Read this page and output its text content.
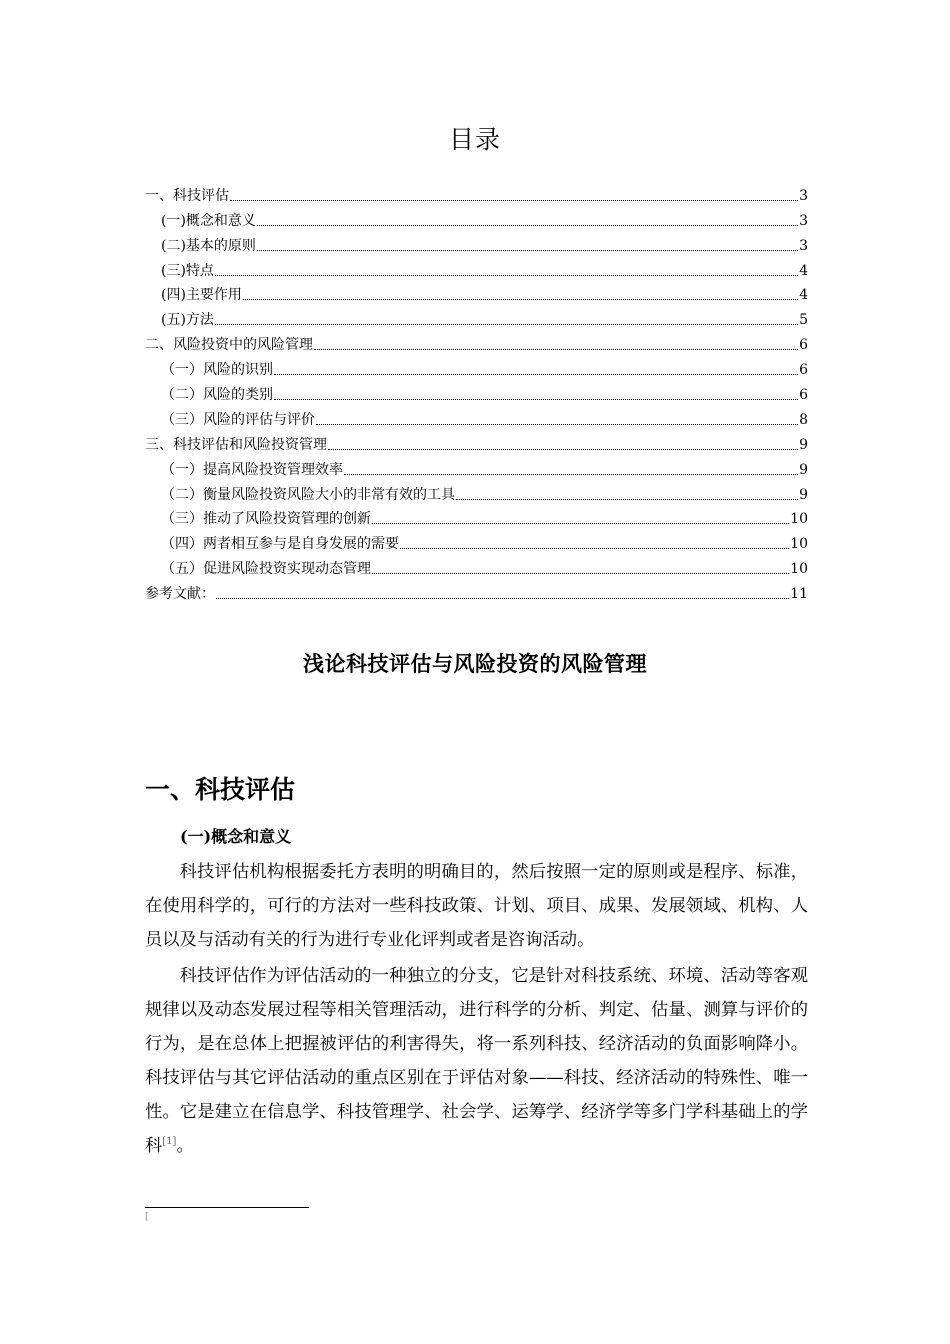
目录
一、科技评估	3
(一)概念和意义	3
(二)基本的原则	3
(三)特点	4
(四)主要作用	4
(五)方法	5
二、风险投资中的风险管理	6
（一）风险的识别	6
（二）风险的类别	6
（三）风险的评估与评价	8
三、科技评估和风险投资管理	9
（一）提高风险投资管理效率	9
（二）衡量风险投资风险大小的非常有效的工具	9
（三）推动了风险投资管理的创新	10
（四）两者相互参与是自身发展的需要	10
（五）促进风险投资实现动态管理	10
参考文献：	11
浅论科技评估与风险投资的风险管理
一、科技评估
(一)概念和意义

科技评估机构根据委托方表明的明确目的，然后按照一定的原则或是程序、标准，在使用科学的，可行的方法对一些科技政策、计划、项目、成果、发展领域、机构、人员以及与活动有关的行为进行专业化评判或者是咨询活动。

科技评估作为评估活动的一种独立的分支，它是针对科技系统、环境、活动等客观规律以及动态发展过程等相关管理活动，进行科学的分析、判定、估量、测算与评价的行为，是在总体上把握被评估的利害得失，将一系列科技、经济活动的负面影响降小。科技评估与其它评估活动的重点区别在于评估对象——科技、经济活动的特殊性、唯一性。它是建立在信息学、科技管理学、社会学、运筹学、经济学等多门学科基础上的学科[1]。

[
